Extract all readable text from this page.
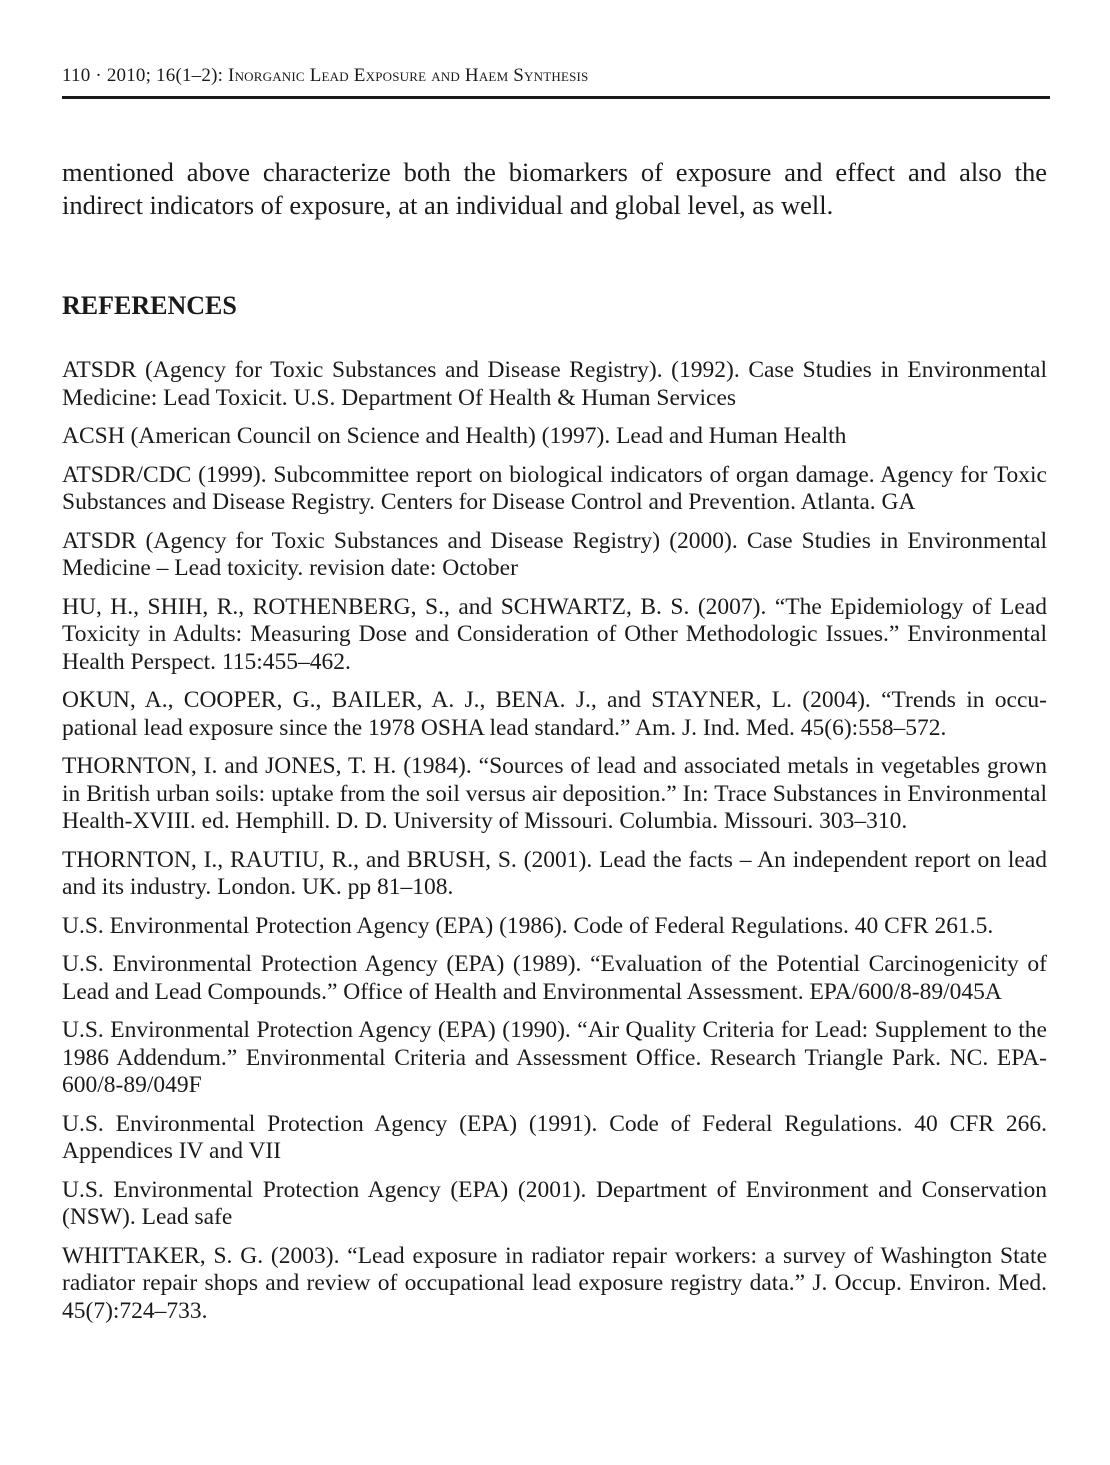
110 · 2010; 16(1–2): Inorganic Lead Exposure and Haem Synthesis

mentioned above characterize both the biomarkers of exposure and effect and also the indirect indicators of exposure, at an individual and global level, as well.

REFERENCES
ATSDR (Agency for Toxic Substances and Disease Registry). (1992). Case Studies in Environmental Medicine: Lead Toxicit. U.S. Department Of Health & Human Services
ACSH (American Council on Science and Health) (1997). Lead and Human Health
ATSDR/CDC (1999). Subcommittee report on biological indicators of organ damage. Agency for Toxic Substances and Disease Registry. Centers for Disease Control and Prevention. Atlanta. GA
ATSDR (Agency for Toxic Substances and Disease Registry) (2000). Case Studies in Environmental Medicine – Lead toxicity. revision date: October
HU, H., SHIH, R., ROTHENBERG, S., and SCHWARTZ, B. S. (2007). “The Epidemiology of Lead Toxicity in Adults: Measuring Dose and Consideration of Other Methodologic Issues.” Environmental Health Perspect. 115:455–462.
OKUN, A., COOPER, G., BAILER, A. J., BENA. J., and STAYNER, L. (2004). “Trends in occupational lead exposure since the 1978 OSHA lead standard.” Am. J. Ind. Med. 45(6):558–572.
THORNTON, I. and JONES, T. H. (1984). “Sources of lead and associated metals in vegetables grown in British urban soils: uptake from the soil versus air deposition.” In: Trace Substances in Environmental Health-XVIII. ed. Hemphill. D. D. University of Missouri. Columbia. Missouri. 303–310.
THORNTON, I., RAUTIU, R., and BRUSH, S. (2001). Lead the facts – An independent report on lead and its industry. London. UK. pp 81–108.
U.S. Environmental Protection Agency (EPA) (1986). Code of Federal Regulations. 40 CFR 261.5.
U.S. Environmental Protection Agency (EPA) (1989). “Evaluation of the Potential Carcinogenicity of Lead and Lead Compounds.” Office of Health and Environmental Assessment. EPA/600/8-89/045A
U.S. Environmental Protection Agency (EPA) (1990). “Air Quality Criteria for Lead: Supplement to the 1986 Addendum.” Environmental Criteria and Assessment Office. Research Triangle Park. NC. EPA-600/8-89/049F
U.S. Environmental Protection Agency (EPA) (1991). Code of Federal Regulations. 40 CFR 266. Appendices IV and VII
U.S. Environmental Protection Agency (EPA) (2001). Department of Environment and Conservation (NSW). Lead safe
WHITTAKER, S. G. (2003). “Lead exposure in radiator repair workers: a survey of Washington State radiator repair shops and review of occupational lead exposure registry data.” J. Occup. Environ. Med. 45(7):724–733.
